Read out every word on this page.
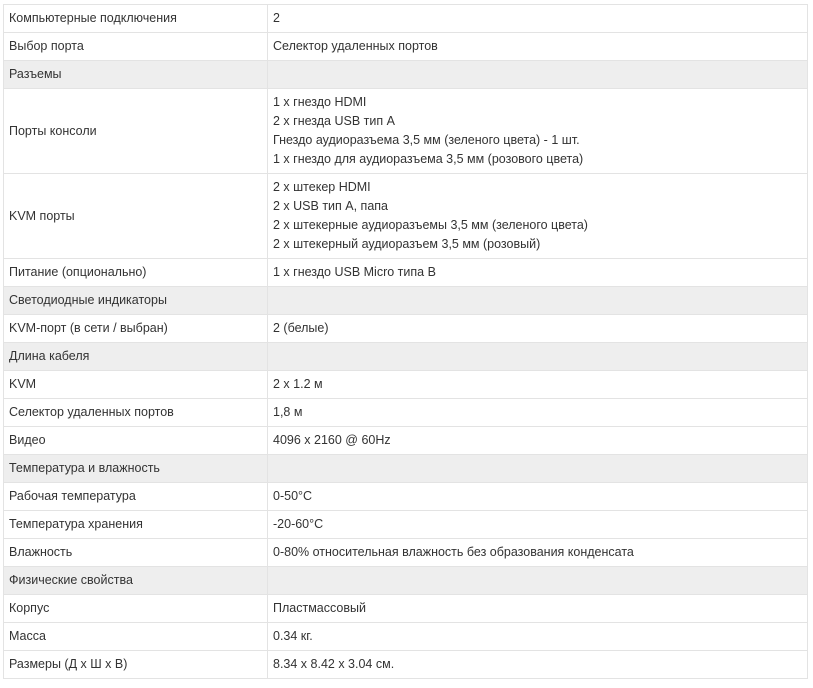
Компьютерные подключения	2
Выбор порта	Селектор удаленных портов
Разъемы	
Порты консоли	1 x гнездо HDMI
2 x гнезда USB тип A
Гнездо аудиоразъема 3,5 мм (зеленого цвета) - 1 шт.
1 x гнездо для аудиоразъема 3,5 мм (розового цвета)

KVM порты	2 x штекер HDMI
2 x USB тип A, папа
2 x штекерные аудиоразъемы 3,5 мм (зеленого цвета)
2 x штекерный аудиоразъем 3,5 мм (розовый)

Питание (опционально)	1 x гнездо USB Micro типа B
Светодиодные индикаторы	
KVM-порт (в сети / выбран)	2 (белые)
Длина кабеля	
KVM	2 x 1.2 м
Селектор удаленных портов	1,8 м
Видео	4096 x 2160 @ 60Hz
Температура и влажность	
Рабочая температура	0-50°C
Температура хранения	-20-60°C
Влажность	0-80% относительная влажность без образования конденсата
Физические свойства	
Корпус	Пластмассовый
Масса	0.34 кг.
Размеры (Д x Ш x В)	8.34 x 8.42 x 3.04 см.
